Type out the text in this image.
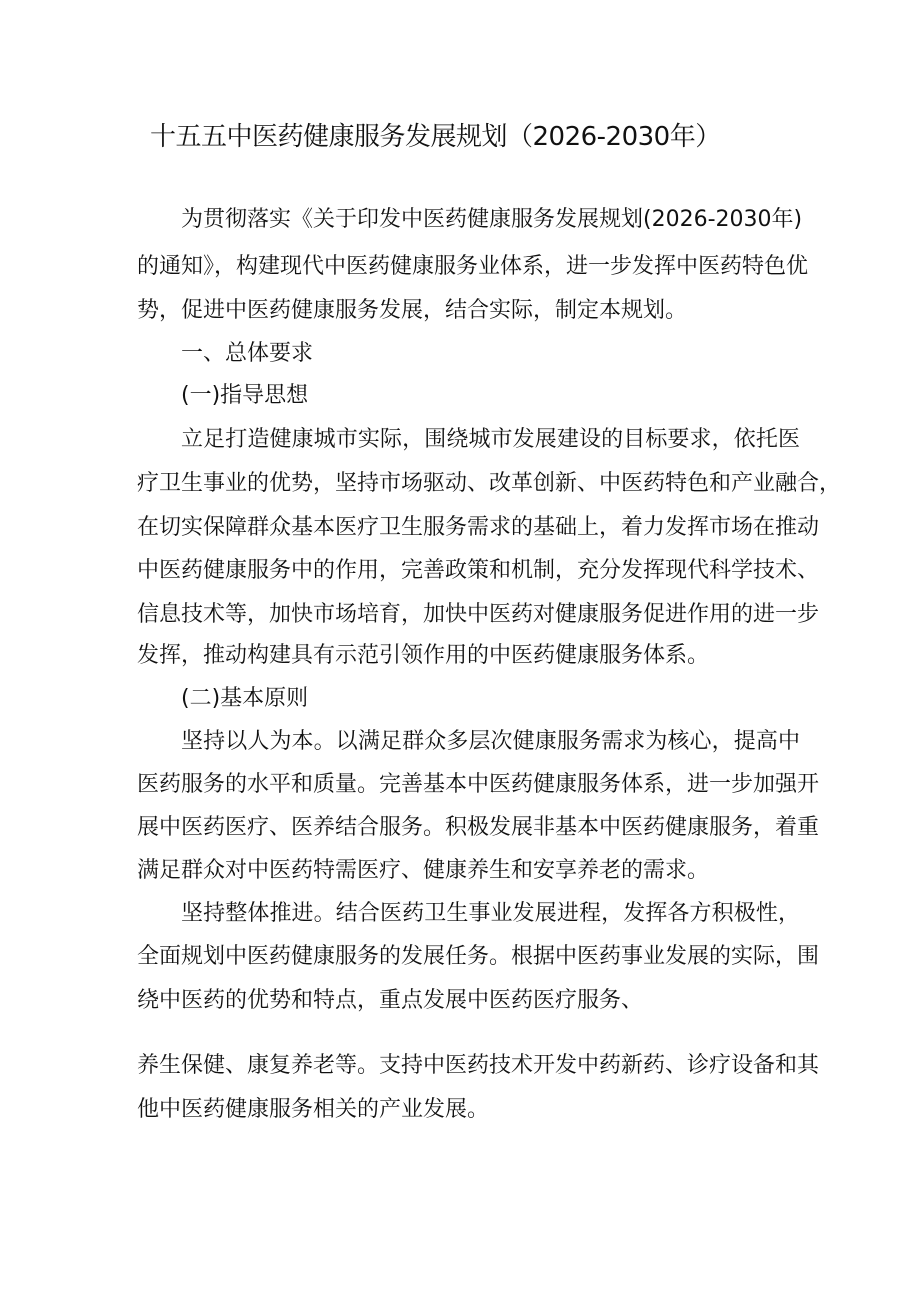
十五五中医药健康服务发展规划（2026-2030年）
为贯彻落实《关于印发中医药健康服务发展规划(2026-2030年)
的通知》，构建现代中医药健康服务业体系，进一步发挥中医药特色优
势，促进中医药健康服务发展，结合实际，制定本规划。
一、总体要求
(一)指导思想
立足打造健康城市实际，围绕城市发展建设的目标要求，依托医
疗卫生事业的优势，坚持市场驱动、改革创新、中医药特色和产业融合，
在切实保障群众基本医疗卫生服务需求的基础上，着力发挥市场在推动
中医药健康服务中的作用，完善政策和机制，充分发挥现代科学技术、
信息技术等，加快市场培育，加快中医药对健康服务促进作用的进一步
发挥，推动构建具有示范引领作用的中医药健康服务体系。
(二)基本原则
坚持以人为本。以满足群众多层次健康服务需求为核心，提高中
医药服务的水平和质量。完善基本中医药健康服务体系，进一步加强开
展中医药医疗、医养结合服务。积极发展非基本中医药健康服务，着重
满足群众对中医药特需医疗、健康养生和安享养老的需求。
坚持整体推进。结合医药卫生事业发展进程，发挥各方积极性，
全面规划中医药健康服务的发展任务。根据中医药事业发展的实际，围
绕中医药的优势和特点，重点发展中医药医疗服务、
养生保健、康复养老等。支持中医药技术开发中药新药、诊疗设备和其
他中医药健康服务相关的产业发展。
